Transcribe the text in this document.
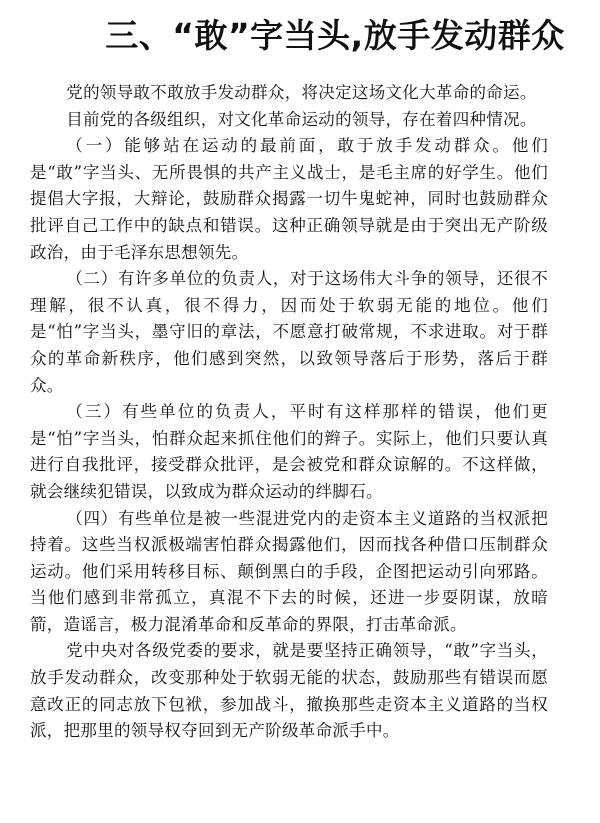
三、“敢”字当头,放手发动群众

党的领导敢不敢放手发动群众，将决定这场文化大革命的命运。

目前党的各级组织，对文化革命运动的领导，存在着四种情况。

（一）能够站在运动的最前面，敢于放手发动群众。他们是“敢”字当头、无所畏惧的共产主义战士，是毛主席的好学生。他们提倡大字报，大辩论，鼓励群众揭露一切牛鬼蛇神，同时也鼓励群众批评自己工作中的缺点和错误。这种正确领导就是由于突出无产阶级政治，由于毛泽东思想领先。

（二）有许多单位的负责人，对于这场伟大斗争的领导，还很不理解，很不认真，很不得力，因而处于软弱无能的地位。他们是“怕”字当头，墨守旧的章法，不愿意打破常规，不求进取。对于群众的革命新秩序，他们感到突然，以致领导落后于形势，落后于群众。

（三）有些单位的负责人，平时有这样那样的错误，他们更是“怕”字当头，怕群众起来抓住他们的辫子。实际上，他们只要认真进行自我批评，接受群众批评，是会被党和群众谅解的。不这样做，就会继续犯错误，以致成为群众运动的绊脚石。

（四）有些单位是被一些混进党内的走资本主义道路的当权派把持着。这些当权派极端害怕群众揭露他们，因而找各种借口压制群众运动。他们采用转移目标、颠倒黑白的手段，企图把运动引向邪路。当他们感到非常孤立，真混不下去的时候，还进一步耍阴谋，放暗箭，造谣言，极力混淆革命和反革命的界限，打击革命派。

党中央对各级党委的要求，就是要坚持正确领导，“敢”字当头，放手发动群众，改变那种处于软弱无能的状态，鼓励那些有错误而愿意改正的同志放下包袱，参加战斗，撤换那些走资本主义道路的当权派，把那里的领导权夺回到无产阶级革命派手中。
